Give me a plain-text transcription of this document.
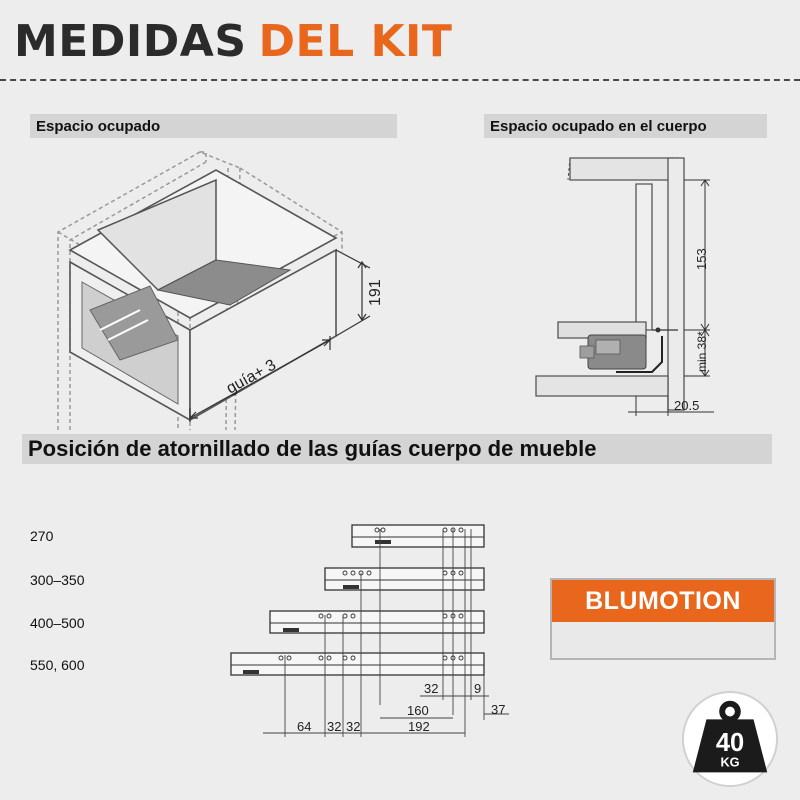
MEDIDAS DEL KIT
Espacio ocupado	Espacio ocupado en el cuerpo
Posición de atornillado de las guías cuerpo de mueble
191
guía+ 3
153
min 38*
20.5
270
300–350
400–500
550, 600
32	9
160	37
64 32 32	192
BLUMOTION
40
KG
